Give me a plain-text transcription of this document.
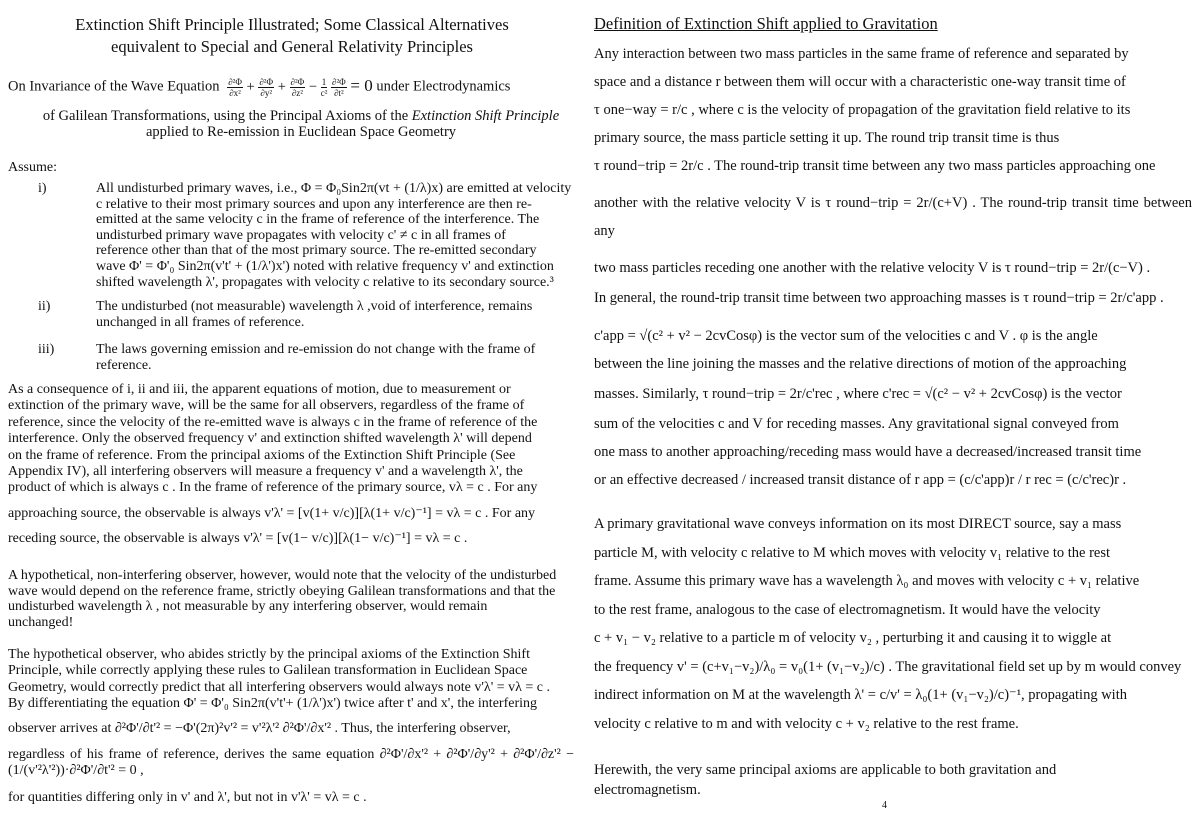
Extinction Shift Principle Illustrated; Some Classical Alternatives
equivalent to Special and General Relativity Principles
On Invariance of the Wave Equation $\frac{\text{∂²Φ}}{\text{∂x²}} + \frac{\text{∂²Φ}}{\text{∂y²}} + \frac{\text{∂²Φ}}{\text{∂z²}} - \frac{1}{\text{c²}}$
$\frac{\text{∂²Φ}}{\text{∂t²}} = 0$ under Electrodynamics
of Galilean Transformations, using the Principal Axioms of the Extinction Shift Principle
applied to Re-emission in Euclidean Space Geometry
Assume:
i)	All undisturbed primary waves, i.e., Φ = Φ₀Sin2π(vt + (1/λ)x) are emitted at velocity
c relative to their most primary sources and upon any interference are then re-
emitted at the same velocity c in the frame of reference of the interference. The
undisturbed primary wave propagates with velocity c' ≠ c in all frames of
reference other than that of the most primary source. The re-emitted secondary
wave Φ' = Φ'₀ Sin2π(v't' + (1/λ')x') noted with relative frequency v' and extinction
shifted wavelength λ', propagates with velocity c relative to its secondary source.³
ii)	The undisturbed (not measurable) wavelength λ ,void of interference, remains
unchanged in all frames of reference.
iii)	The laws governing emission and re-emission do not change with the frame of
reference.
As a consequence of i, ii and iii, the apparent equations of motion, due to measurement or
extinction of the primary wave, will be the same for all observers, regardless of the frame of
reference, since the velocity of the re-emitted wave is always c in the frame of reference of the
interference. Only the observed frequency v' and extinction shifted wavelength λ' will depend
on the frame of reference. From the principal axioms of the Extinction Shift Principle (See
Appendix IV), all interfering observers will measure a frequency v' and a wavelength λ', the
product of which is always c . In the frame of reference of the primary source, vλ = c . For any
approaching source, the observable is always v'λ' = [v(1+ v/c)][λ(1+ v/c)⁻¹] = vλ = c . For any
receding source, the observable is always v'λ' = [v(1− v/c)][λ(1− v/c)⁻¹] = vλ = c .
A hypothetical, non-interfering observer, however, would note that the velocity of the undisturbed
wave would depend on the reference frame, strictly obeying Galilean transformations and that the
undisturbed wavelength λ , not measurable by any interfering observer, would remain
unchanged!
The hypothetical observer, who abides strictly by the principal axioms of the Extinction Shift
Principle, while correctly applying these rules to Galilean transformation in Euclidean Space
Geometry, would correctly predict that all interfering observers would always note v'λ' = vλ = c .
By differentiating the equation Φ' = Φ'₀ Sin2π(v't'+ (1/λ')x') twice after t' and x', the interfering
observer arrives at ∂²Φ'/∂t'² = −Φ'(2π)²v'² = v'²λ'² ∂²Φ'/∂x'² . Thus, the interfering observer,
regardless of his frame of reference, derives the same equation ∂²Φ'/∂x'² + ∂²Φ'/∂y'² + ∂²Φ'/∂z'² − (1/(v'²λ'²))·∂²Φ'/∂t'² = 0 ,
for quantities differing only in v' and λ', but not in v'λ' = vλ = c .
Definition of Extinction Shift applied to Gravitation
Any interaction between two mass particles in the same frame of reference and separated by
space and a distance r between them will occur with a characteristic one-way transit time of
τ one−way = r/c , where c is the velocity of propagation of the gravitation field relative to its
primary source, the mass particle setting it up. The round trip transit time is thus
τ round−trip = 2r/c . The round-trip transit time between any two mass particles approaching one
another with the relative velocity V is τ round−trip = 2r/(c+V) . The round-trip transit time between any
two mass particles receding one another with the relative velocity V is τ round−trip = 2r/(c−V) .
In general, the round-trip transit time between two approaching masses is τ round−trip = 2r/c'app .
c'app = √(c² + v² − 2cvCosφ) is the vector sum of the velocities c and V . φ is the angle
between the line joining the masses and the relative directions of motion of the approaching
masses. Similarly, τ round−trip = 2r/c'rec , where c'rec = √(c² − v² + 2cvCosφ) is the vector
sum of the velocities c and V for receding masses. Any gravitational signal conveyed from
one mass to another approaching/receding mass would have a decreased/increased transit time
or an effective decreased / increased transit distance of r app = (c/c'app)r / r rec = (c/c'rec)r .
A primary gravitational wave conveys information on its most DIRECT source, say a mass
particle M, with velocity c relative to M which moves with velocity v₁ relative to the rest
frame. Assume this primary wave has a wavelength λ₀ and moves with velocity c + v₁ relative
to the rest frame, analogous to the case of electromagnetism. It would have the velocity
c + v₁ − v₂ relative to a particle m of velocity v₂ , perturbing it and causing it to wiggle at
the frequency v' = (c+v₁−v₂)/λ₀ = v₀(1+ (v₁−v₂)/c) . The gravitational field set up by m would convey
indirect information on M at the wavelength λ' = c/v' = λ₀(1+ (v₁−v₂)/c)⁻¹, propagating with
velocity c relative to m and with velocity c + v₂ relative to the rest frame.
Herewith, the very same principal axioms are applicable to both gravitation and
electromagnetism.
4
